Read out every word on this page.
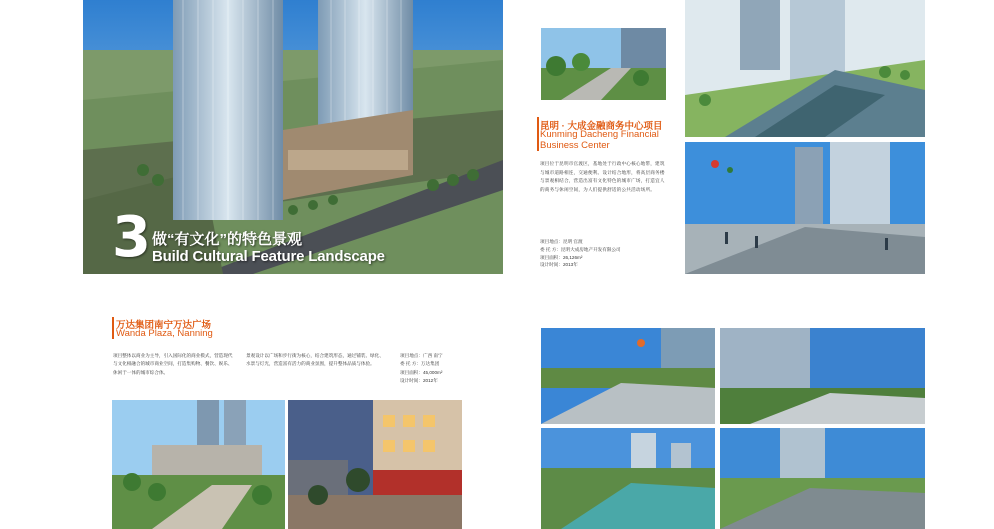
3 做“有文化”的特色景观
Build Cultural Feature Landscape
昆明 · 大成金融商务中心项目
Kunming Dacheng Financial Business Center
项目位于昆明市官渡区，基地处于行政中心核心地带，建筑与城市道路相连，交通便利。设计结合地形，将高层商务楼与景观相结合，营造出富有文化特色的城市广场，打造宜人的商务与休闲空间，为人们提供舒适的公共活动场所。
项目地点：昆明 官渡
委 托 方：昆明大成房地产开发有限公司
项目面积：26,126m²
设计时间：2013年
万达集团南宁万达广场
Wanda Plaza, Nanning
项目整体以商业为主导，引入国际化的商业模式，营造现代与文化相融合的城市商业空间，打造集购物、餐饮、娱乐、休闲于一体的城市综合体。
景观设计以广场和步行街为核心，结合建筑形态，通过铺装、绿化、水景与灯光，营造富有活力的商业氛围，提升整体品质与体验。
项目地点：广西 南宁
委 托 方：万达集团
项目面积：45,000m²
设计时间：2012年
